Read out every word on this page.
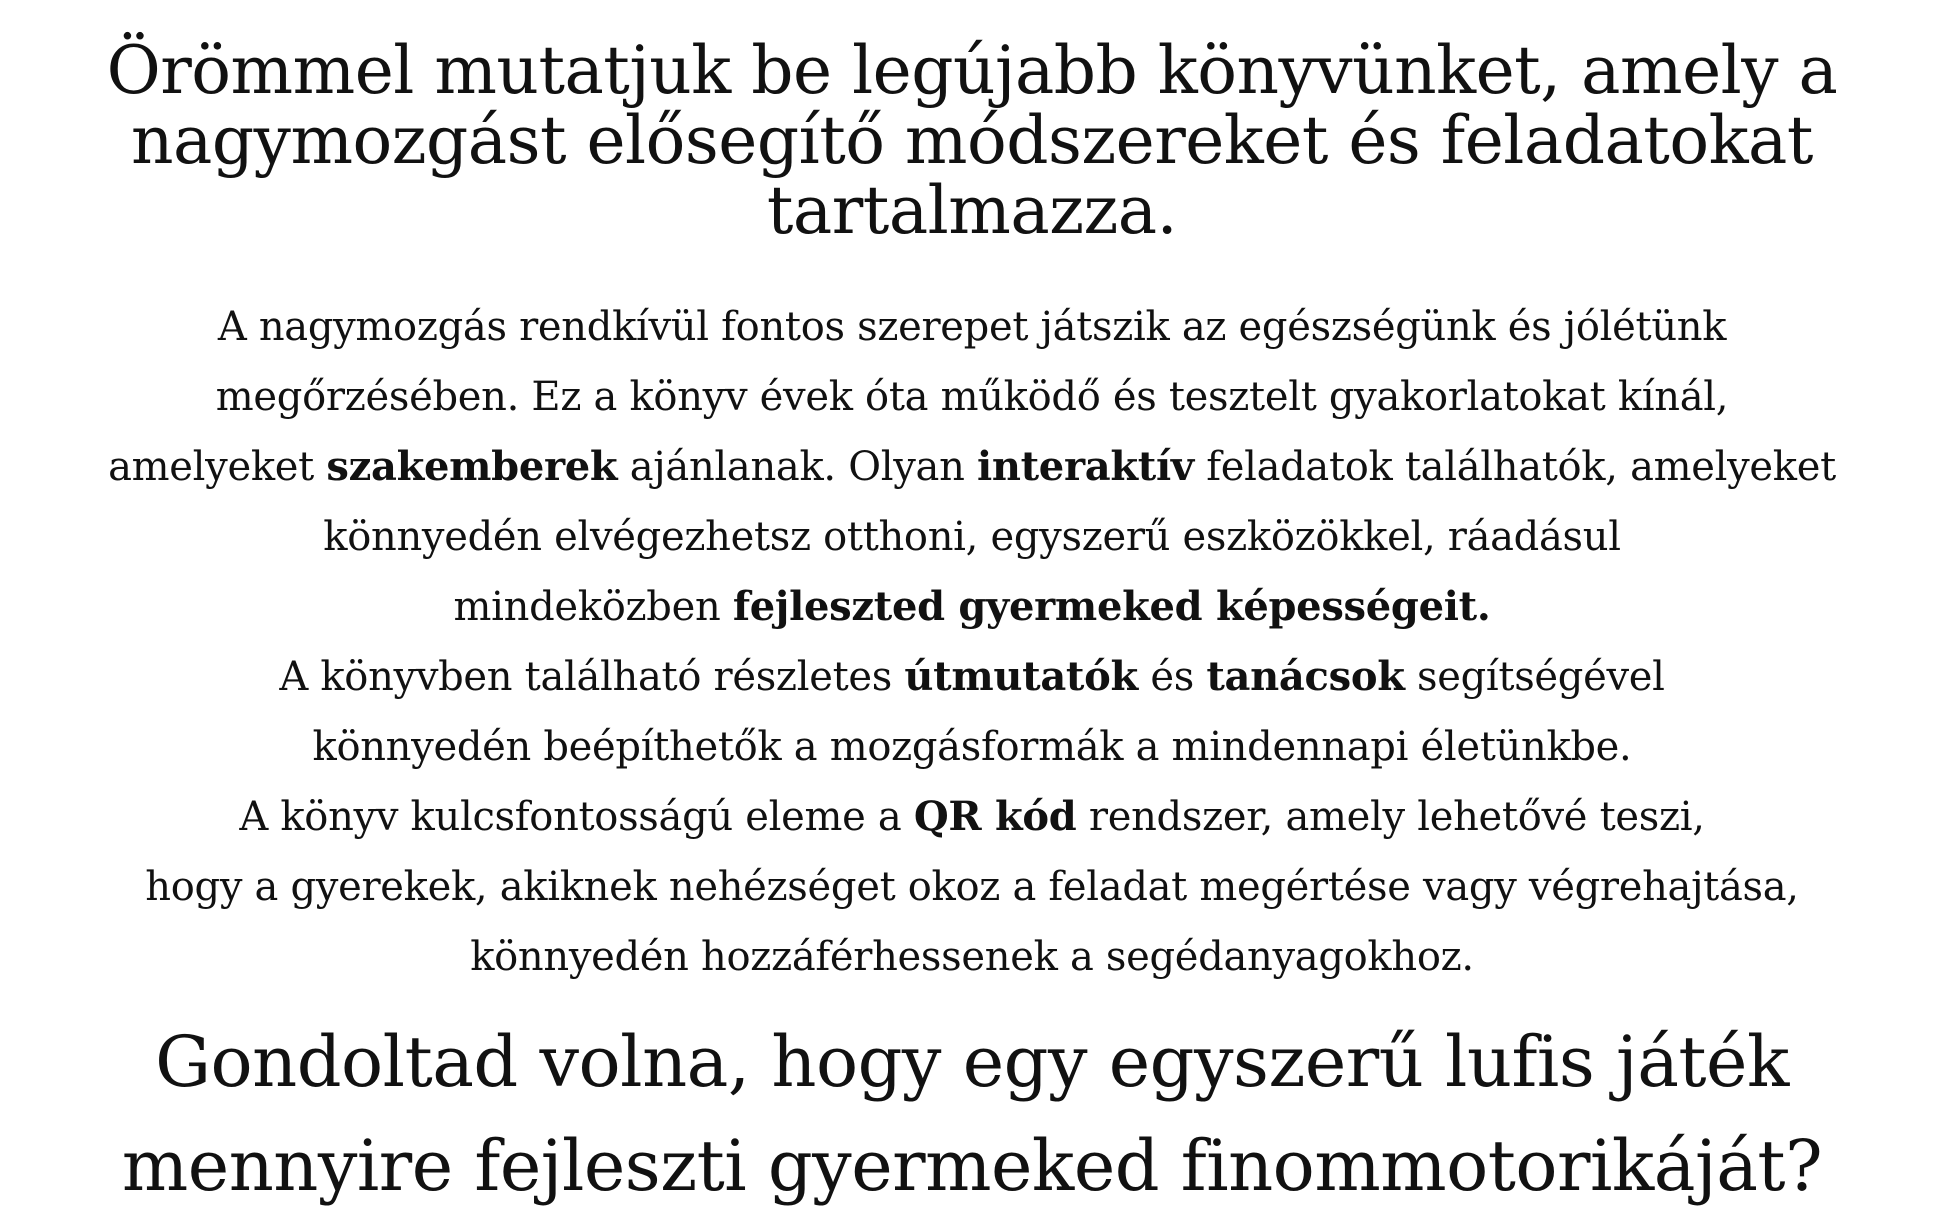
Örömmel mutatjuk be legújabb könyvünket, amely a
nagymozgást elősegítő módszereket és feladatokat
tartalmazza.
A nagymozgás rendkívül fontos szerepet játszik az egészségünk és jólétünk
megőrzésében. Ez a könyv évek óta működő és tesztelt gyakorlatokat kínál,
amelyeket szakemberek ajánlanak. Olyan interaktív feladatok találhatók, amelyeket
könnyedén elvégezhetsz otthoni, egyszerű eszközökkel, ráadásul
mindeközben fejleszted gyermeked képességeit.
A könyvben található részletes útmutatók és tanácsok segítségével
könnyedén beépíthetők a mozgásformák a mindennapi életünkbe.
A könyv kulcsfontosságú eleme a QR kód rendszer, amely lehetővé teszi,
hogy a gyerekek, akiknek nehézséget okoz a feladat megértése vagy végrehajtása,
könnyedén hozzáférhessenek a segédanyagokhoz.
Gondoltad volna, hogy egy egyszerű lufis játék
mennyire fejleszti gyermeked finommotorikáját?
